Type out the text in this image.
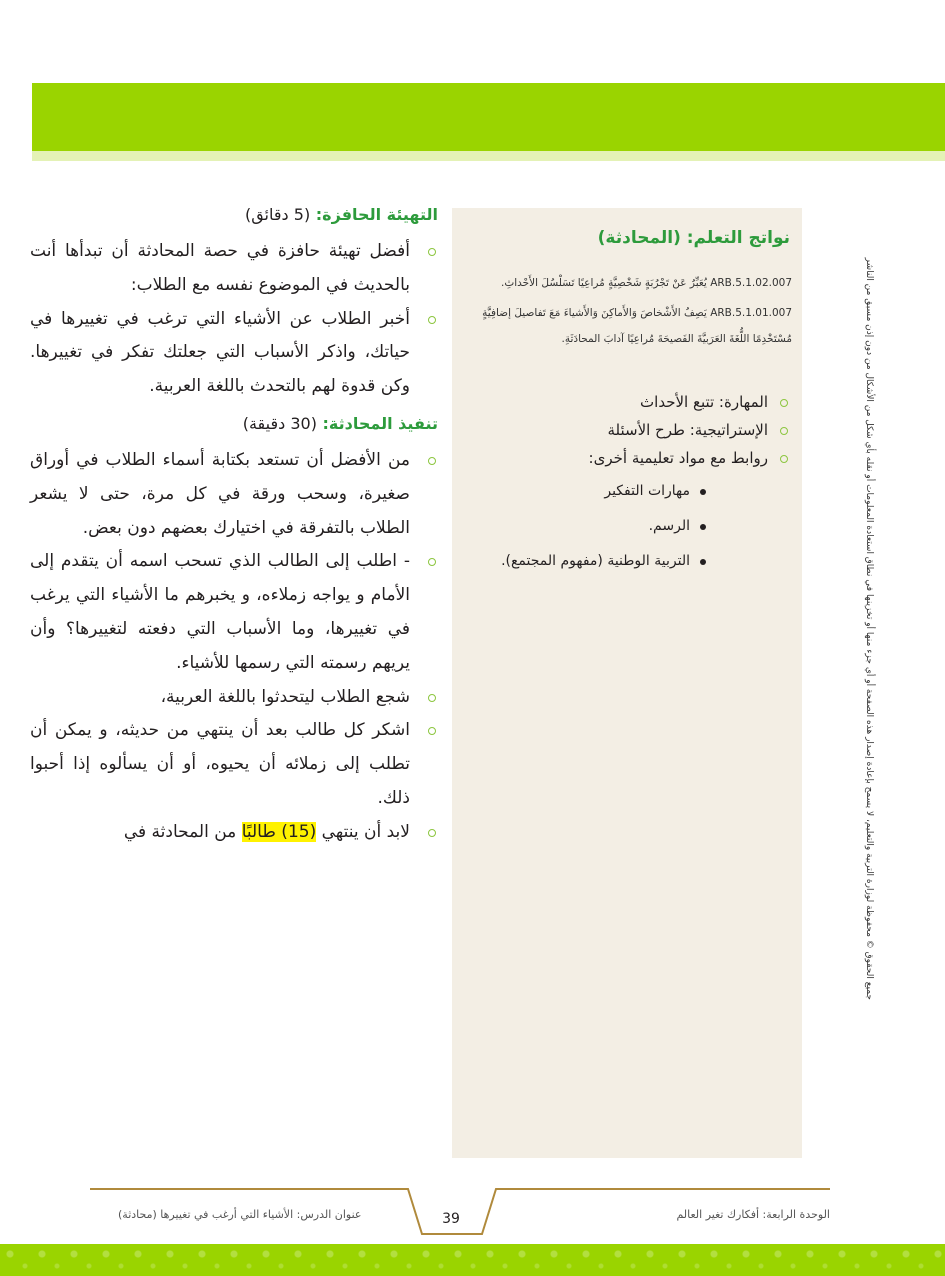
جميع الحقوق © محفوظة لوزارة التربية والتعليم، لا يسمح بإعادة إصدار هذه الصفحة أو أي جزء منها أو تخزينها في نطاق استعادة المعلومات أو نقله بأي شكل من الأشكال من دون إذن مسبق من الناشر
نواتج التعلم: (المحادثة)

ARB.5.1.02.007 يُعَبِّرُ عَنْ تَجْرُبَةٍ شَخْصِيَّةٍ مُراعِيًا تَسَلْسُلَ الأَحْداثِ.

ARB.5.1.01.007 يَصِفُ الأَشْخاصَ وَالأَماكِنَ وَالأَشياءَ مَعَ تَفاصيلَ إضافِيَّةٍ مُسْتَخْدِمًا اللُّغَةَ العَرَبيَّةَ الفَصيحَةَ مُراعِيًا آدابَ المحادَثَةِ.

المهارة: تتبع الأحداث
الإستراتيجية: طرح الأسئلة
روابط مع مواد تعليمية أخرى:
مهارات التفكير
الرسم.
التربية الوطنية (مفهوم المجتمع).
التهيئة الحافزة: (5 دقائق)
أفضل تهيئة حافزة في حصة المحادثة أن تبدأها أنت بالحديث في الموضوع نفسه مع الطلاب:
أخبر الطلاب عن الأشياء التي ترغب في تغييرها في حياتك، واذكر الأسباب التي جعلتك تفكر في تغييرها. وكن قدوة لهم بالتحدث باللغة العربية.
تنفيذ المحادثة: (30 دقيقة)
من الأفضل أن تستعد بكتابة أسماء الطلاب في أوراق صغيرة، وسحب ورقة في كل مرة، حتى لا يشعر الطلاب بالتفرقة في اختيارك بعضهم دون بعض.
- اطلب إلى الطالب الذي تسحب اسمه أن يتقدم إلى الأمام و يواجه زملاءه، و يخبرهم ما الأشياء التي يرغب في تغييرها، وما الأسباب التي دفعته لتغييرها؟ وأن يريهم رسمته التي رسمها للأشياء.
شجع الطلاب ليتحدثوا باللغة العربية،
اشكر كل طالب بعد أن ينتهي من حديثه، و يمكن أن تطلب إلى زملائه أن يحيوه، أو أن يسألوه إذا أحبوا ذلك.
لابد أن ينتهي (15) طالبًا من المحادثة في
الوحدة الرابعة: أفكارك تغير العالم
39
عنوان الدرس: الأشياء التي أرغب في تغييرها (محادثة)
